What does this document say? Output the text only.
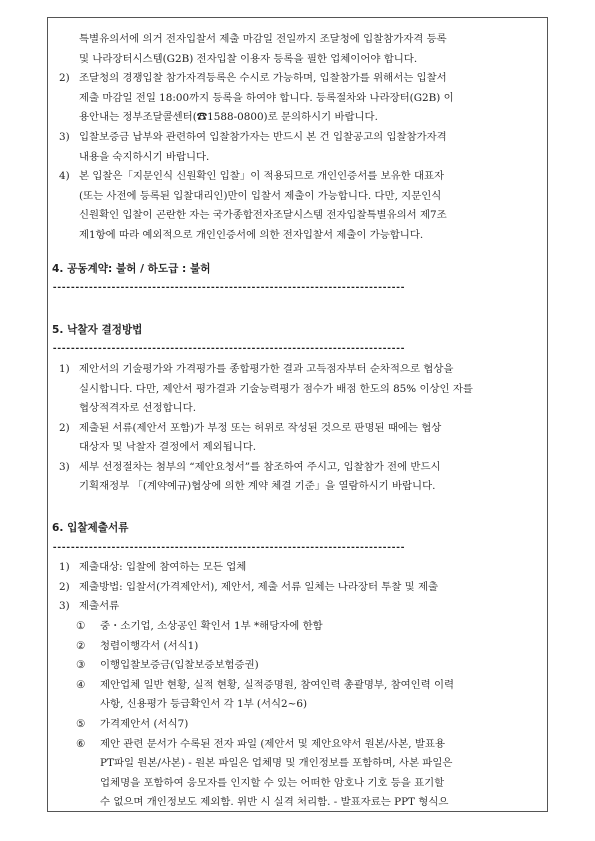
특별유의서에 의거 전자입찰서 제출 마감일 전일까지 조달청에 입찰참가자격 등록

및 나라장터시스템(G2B) 전자입찰 이용자 등록을 필한 업체이어야 합니다.

2) 조달청의 경쟁입찰 참가자격등록은 수시로 가능하며, 입찰참가를 위해서는 입찰서
제출 마감일 전일 18:00까지 등록을 하여야 합니다. 등록절차와 나라장터(G2B) 이
용안내는 정부조달콜센터(☎1588-0800)로 문의하시기 바랍니다.
3) 입찰보증금 납부와 관련하여 입찰참가자는 반드시 본 건 입찰공고의 입찰참가자격
내용을 숙지하시기 바랍니다.
4) 본 입찰은「지문인식 신원확인 입찰」이 적용되므로 개인인증서를 보유한 대표자
(또는 사전에 등록된 입찰대리인)만이 입찰서 제출이 가능합니다. 다만, 지문인식
신원확인 입찰이 곤란한 자는 국가종합전자조달시스템 전자입찰특별유의서 제7조
제1항에 따라 예외적으로 개인인증서에 의한 전자입찰서 제출이 가능합니다.
4. 공동계약: 불허 / 하도급 : 불허
------------------------------------------------------------------------------
5. 낙찰자 결정방법
------------------------------------------------------------------------------
1) 제안서의 기술평가와 가격평가를 종합평가한 결과 고득점자부터 순차적으로 협상을
실시합니다. 다만, 제안서 평가결과 기술능력평가 점수가 배점 한도의 85% 이상인 자를
협상적격자로 선정합니다.
2) 제출된 서류(제안서 포함)가 부정 또는 허위로 작성된 것으로 판명된 때에는 협상
대상자 및 낙찰자 결정에서 제외됩니다.
3) 세부 선정절차는 첨부의 “제안요청서”를 참조하여 주시고, 입찰참가 전에 반드시
기획재정부 「(계약예규)협상에 의한 계약 체결 기준」을 열람하시기 바랍니다.
6. 입찰제출서류
------------------------------------------------------------------------------
1) 제출대상: 입찰에 참여하는 모든 업체
2) 제출방법: 입찰서(가격제안서), 제안서, 제출 서류 일체는 나라장터 투찰 및 제출
3) 제출서류
① 중・소기업, 소상공인 확인서 1부 *해당자에 한함
② 청렴이행각서 (서식1)
③ 이행입찰보증금(입찰보증보험증권)
④ 제안업체 일반 현황, 실적 현황, 실적증명원, 참여인력 총괄명부, 참여인력 이력
사항, 신용평가 등급확인서 각 1부 (서식2~6)
⑤ 가격제안서 (서식7)
⑥ 제안 관련 문서가 수록된 전자 파일 (제안서 및 제안요약서 원본/사본, 발표용
PT파일 원본/사본) - 원본 파일은 업체명 및 개인정보를 포함하며, 사본 파일은
업체명을 포함하여 응모자를 인지할 수 있는 어떠한 암호나 기호 등을 표기할
수 없으며 개인정보도 제외함. 위반 시 실격 처리함. - 발표자료는 PPT 형식으
